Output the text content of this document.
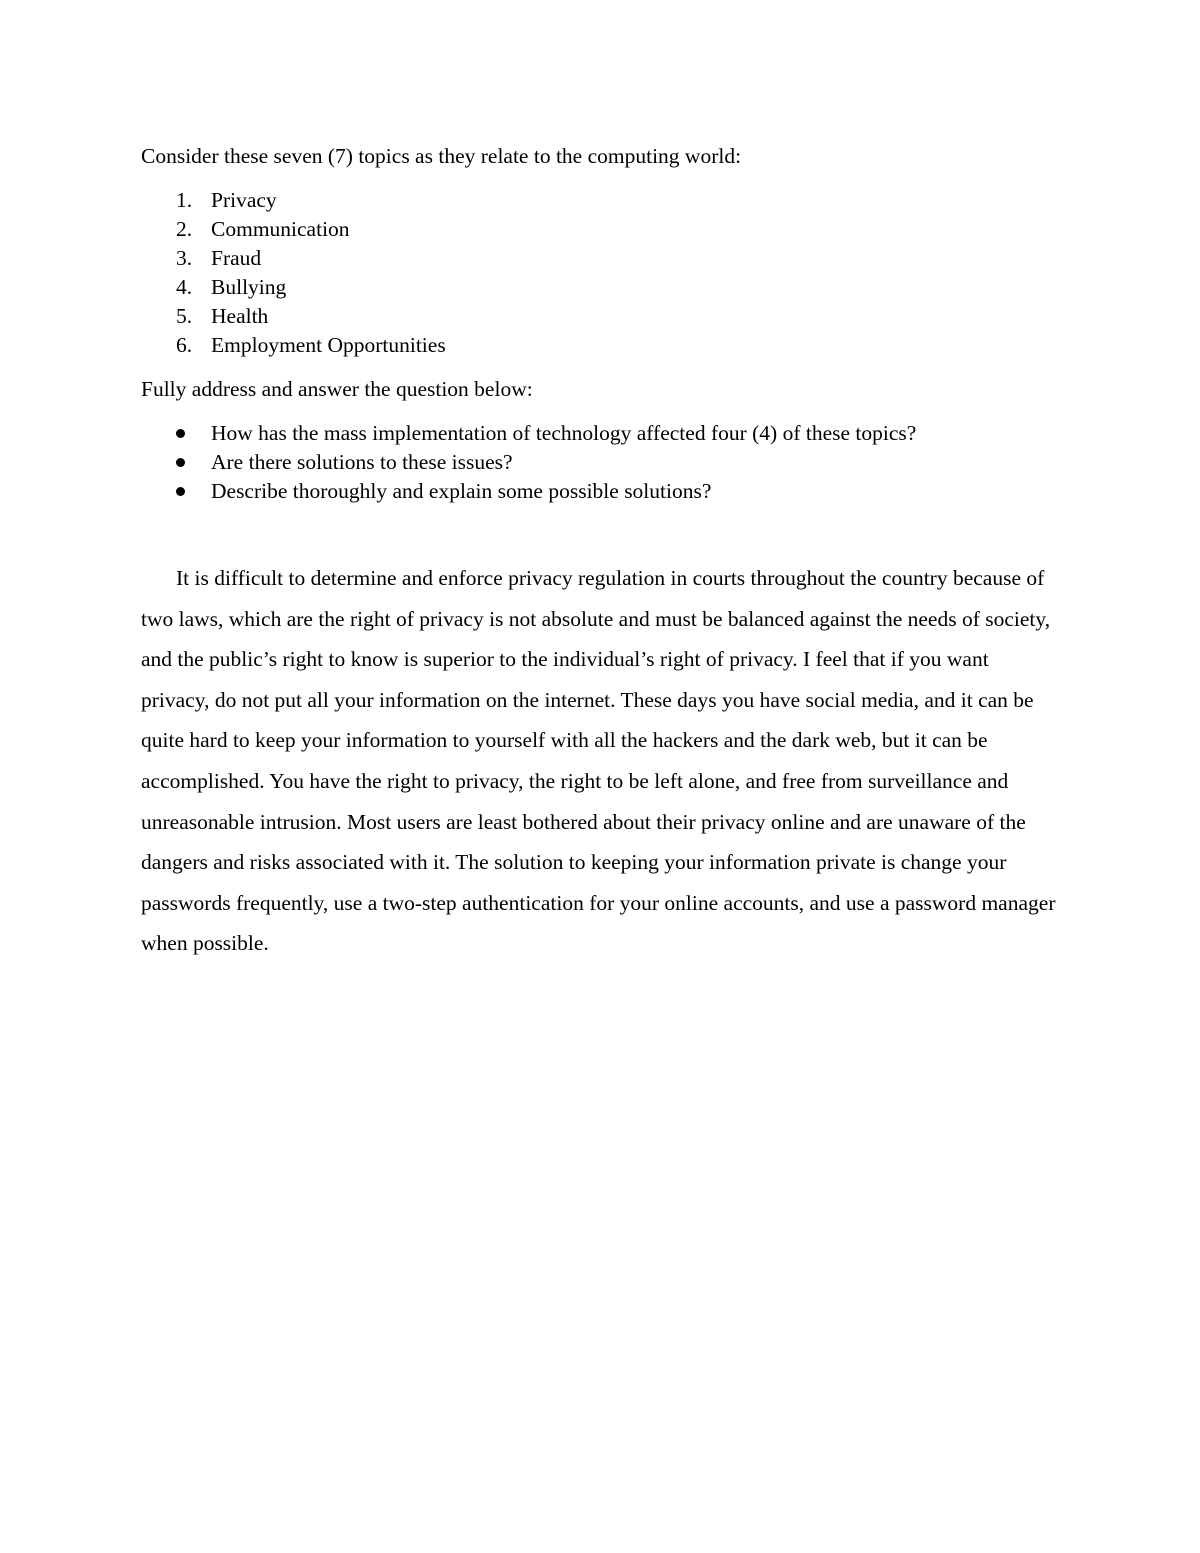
Consider these seven (7) topics as they relate to the computing world:

1. Privacy
2. Communication
3. Fraud
4. Bullying
5. Health
6. Employment Opportunities

Fully address and answer the question below:

How has the mass implementation of technology affected four (4) of these topics?
Are there solutions to these issues?
Describe thoroughly and explain some possible solutions?

It is difficult to determine and enforce privacy regulation in courts throughout the country because of two laws, which are the right of privacy is not absolute and must be balanced against the needs of society, and the public’s right to know is superior to the individual’s right of privacy. I feel that if you want privacy, do not put all your information on the internet. These days you have social media, and it can be quite hard to keep your information to yourself with all the hackers and the dark web, but it can be accomplished. You have the right to privacy, the right to be left alone, and free from surveillance and unreasonable intrusion. Most users are least bothered about their privacy online and are unaware of the dangers and risks associated with it. The solution to keeping your information private is change your passwords frequently, use a two-step authentication for your online accounts, and use a password manager when possible.
